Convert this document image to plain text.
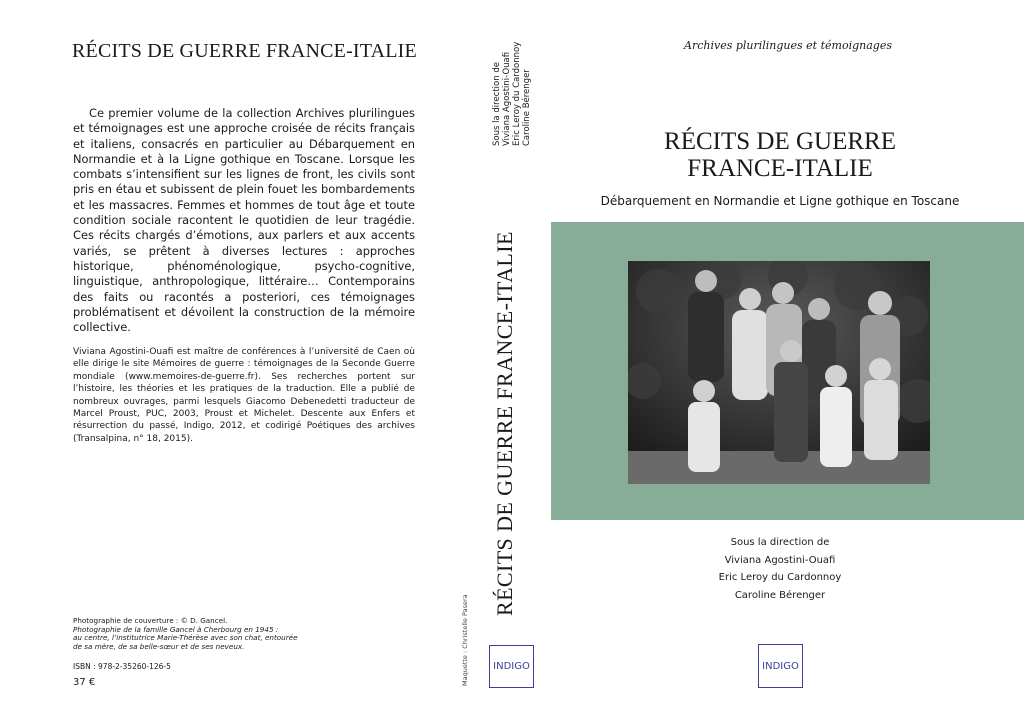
RÉCITS DE GUERRE FRANCE-ITALIE
Ce premier volume de la collection Archives plurilingues et témoignages est une approche croisée de récits français et italiens, consacrés en particulier au Débarquement en Normandie et à la Ligne gothique en Toscane. Lorsque les combats s’intensifient sur les lignes de front, les civils sont pris en étau et subissent de plein fouet les bombardements et les massacres. Femmes et hommes de tout âge et toute condition sociale racontent le quotidien de leur tragédie. Ces récits chargés d’émotions, aux parlers et aux accents variés, se prêtent à diverses lectures : approches historique, phénoménologique, psycho-cognitive, linguistique, anthropologique, littéraire… Contemporains des faits ou racontés a posteriori, ces témoignages problématisent et dévoilent la construction de la mémoire collective.
Viviana Agostini-Ouafi est maître de conférences à l’université de Caen où elle dirige le site Mémoires de guerre : témoignages de la Seconde Guerre mondiale (www.memoires-de-guerre.fr). Ses recherches portent sur l’histoire, les théories et les pratiques de la traduction. Elle a publié de nombreux ouvrages, parmi lesquels Giacomo Debenedetti traducteur de Marcel Proust, PUC, 2003, Proust et Michelet. Descente aux Enfers et résurrection du passé, Indigo, 2012, et codirigé Poétiques des archives (Transalpina, n° 18, 2015).
Photographie de couverture : © D. Gancel.
Photographie de la famille Gancel à Cherbourg en 1945 :
au centre, l’institutrice Marie-Thérèse avec son chat, entourée
de sa mère, de sa belle-sœur et de ses neveux.
ISBN : 978-2-35260-126-5
37 €
Sous la direction de Viviana Agostini-Ouafi Eric Leroy du Cardonnoy Caroline Bérenger
RÉCITS DE GUERRE FRANCE-ITALIE
Maquette : Christelle Pasera	INDIGO
Archives plurilingues et témoignages
RÉCITS DE GUERRE
FRANCE-ITALIE
Débarquement en Normandie et Ligne gothique en Toscane
Sous la direction de
Viviana Agostini-Ouafi
Eric Leroy du Cardonnoy
Caroline Bérenger
INDIGO
